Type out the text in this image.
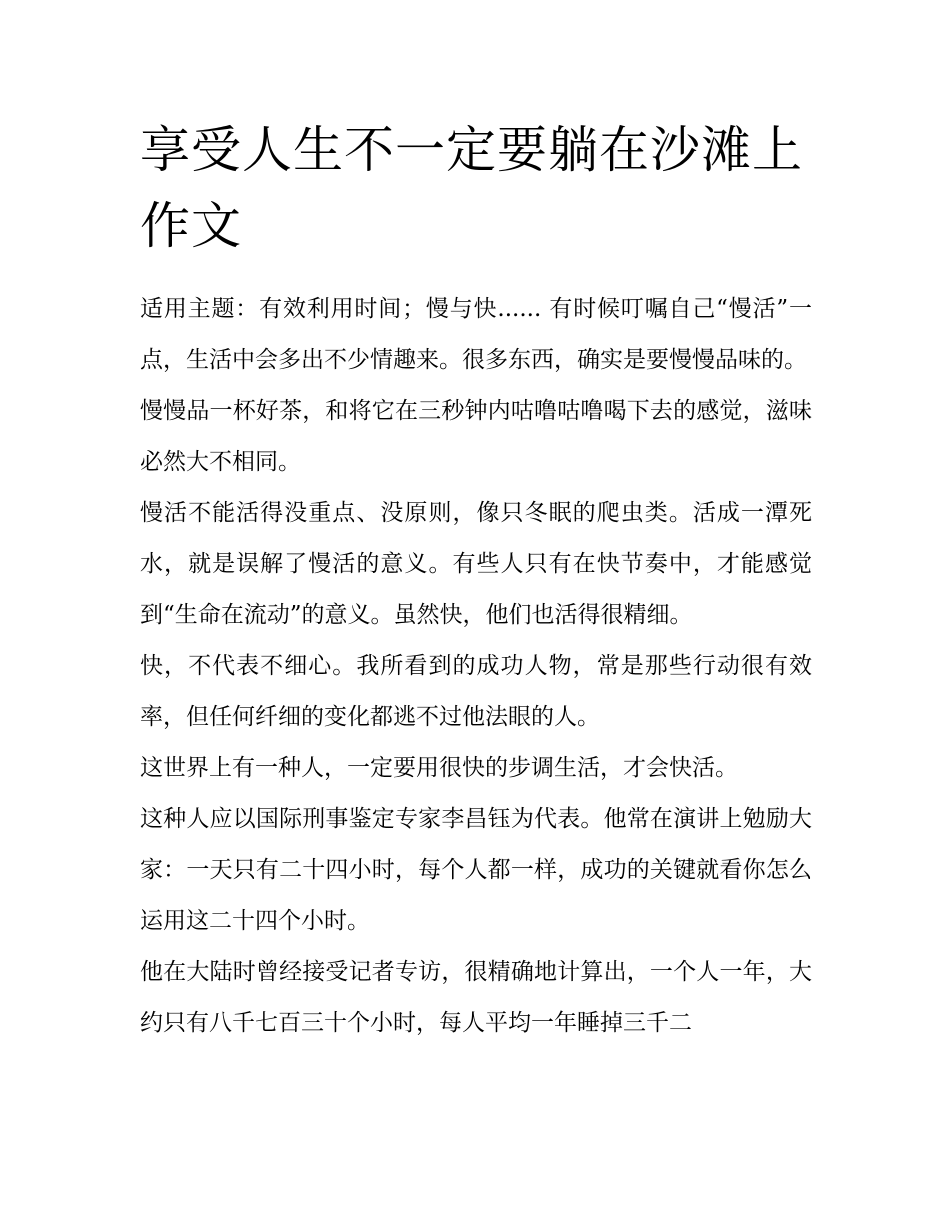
享受人生不一定要躺在沙滩上作文

适用主题：有效利用时间；慢与快...... 有时候叮嘱自己“慢活”一点，生活中会多出不少情趣来。很多东西，确实是要慢慢品味的。

慢慢品一杯好茶，和将它在三秒钟内咕噜咕噜喝下去的感觉，滋味必然大不相同。

慢活不能活得没重点、没原则，像只冬眠的爬虫类。活成一潭死水，就是误解了慢活的意义。有些人只有在快节奏中，才能感觉到“生命在流动”的意义。虽然快，他们也活得很精细。

快，不代表不细心。我所看到的成功人物，常是那些行动很有效率，但任何纤细的变化都逃不过他法眼的人。

这世界上有一种人，一定要用很快的步调生活，才会快活。

这种人应以国际刑事鉴定专家李昌钰为代表。他常在演讲上勉励大家：一天只有二十四小时，每个人都一样，成功的关键就看你怎么运用这二十四个小时。

他在大陆时曾经接受记者专访，很精确地计算出，一个人一年，大约只有八千七百三十个小时，每人平均一年睡掉三千二
